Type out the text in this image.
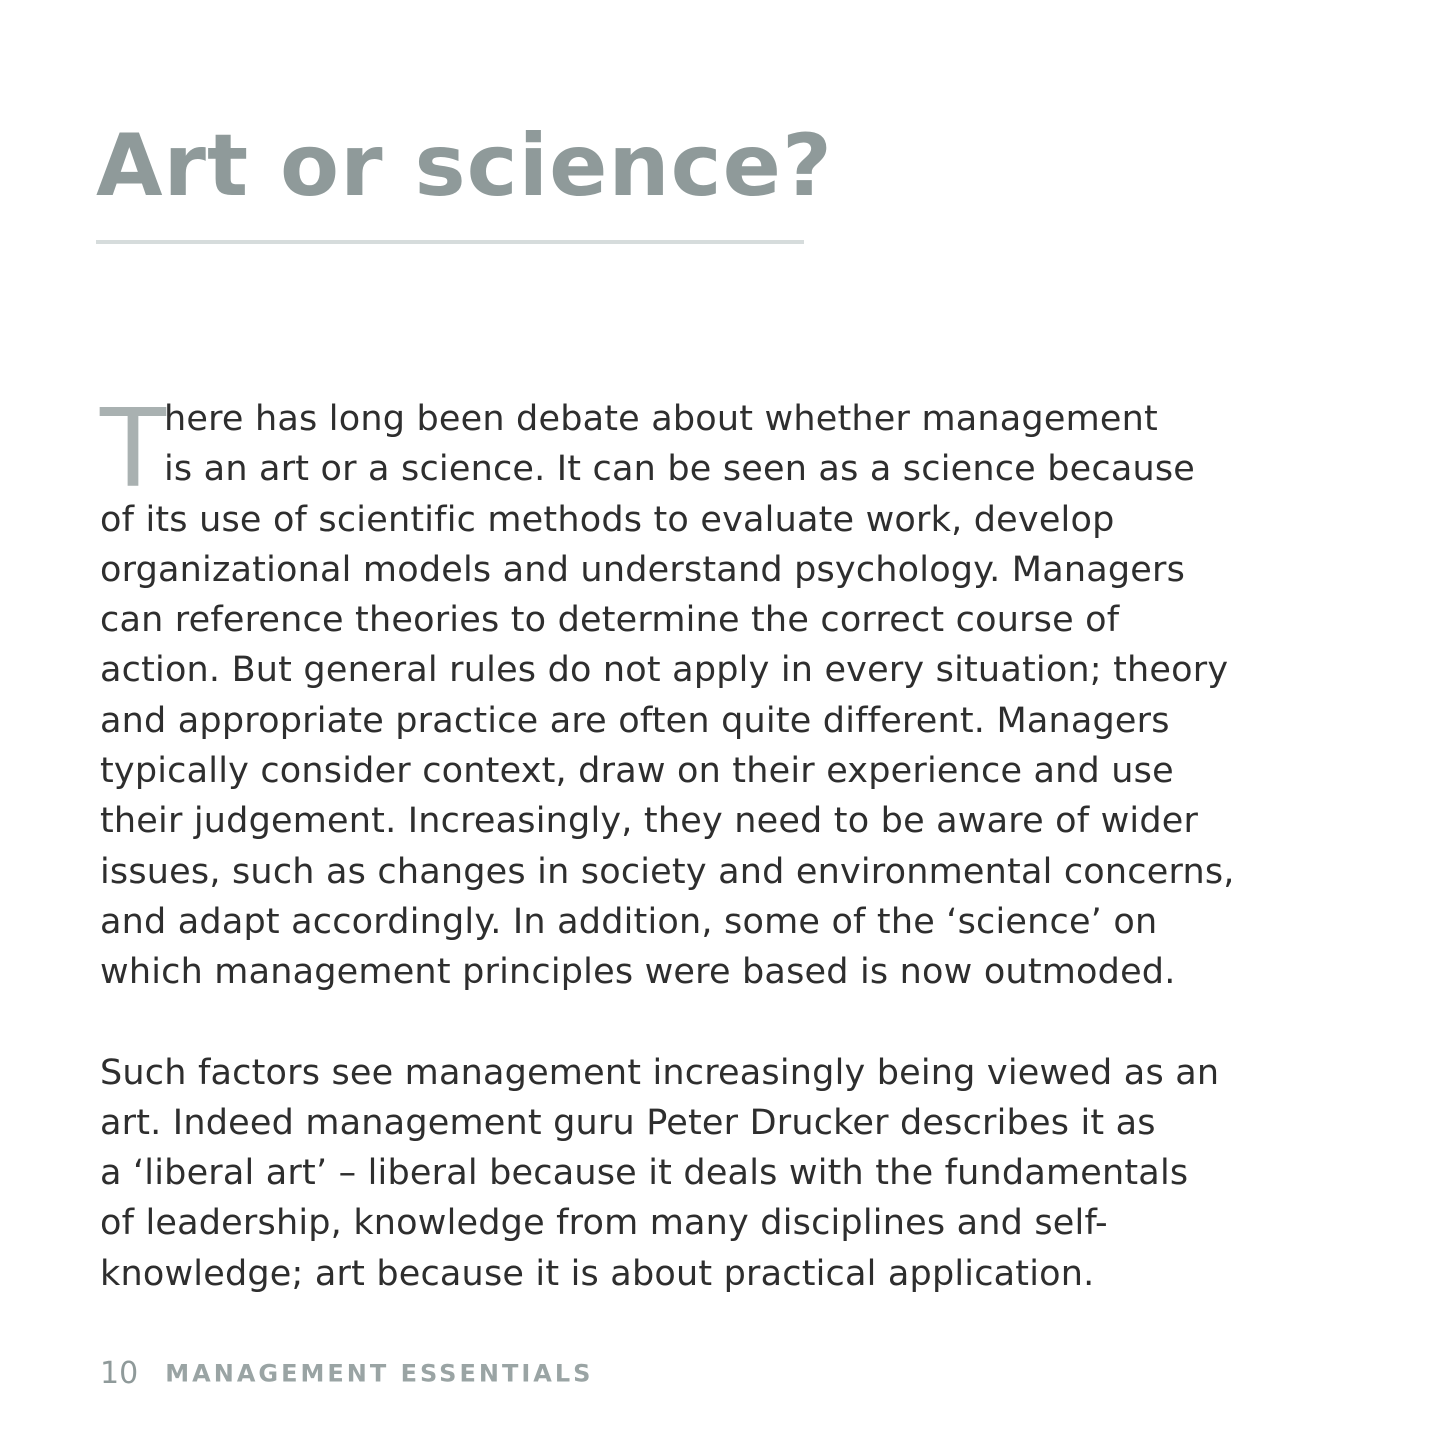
Art or science?
T

here has long been debate about whether management
is an art or a science. It can be seen as a science because
of its use of scientific methods to evaluate work, develop
organizational models and understand psychology. Managers
can reference theories to determine the correct course of
action. But general rules do not apply in every situation; theory
and appropriate practice are often quite different. Managers
typically consider context, draw on their experience and use
their judgement. Increasingly, they need to be aware of wider
issues, such as changes in society and environmental concerns,
and adapt accordingly. In addition, some of the ‘science’ on
which management principles were based is now outmoded.

Such factors see management increasingly being viewed as an
art. Indeed management guru Peter Drucker describes it as
a ‘liberal art’ – liberal because it deals with the fundamentals
of leadership, knowledge from many disciplines and self-
knowledge; art because it is about practical application.

10 MANAGEMENT ESSENTIALS
